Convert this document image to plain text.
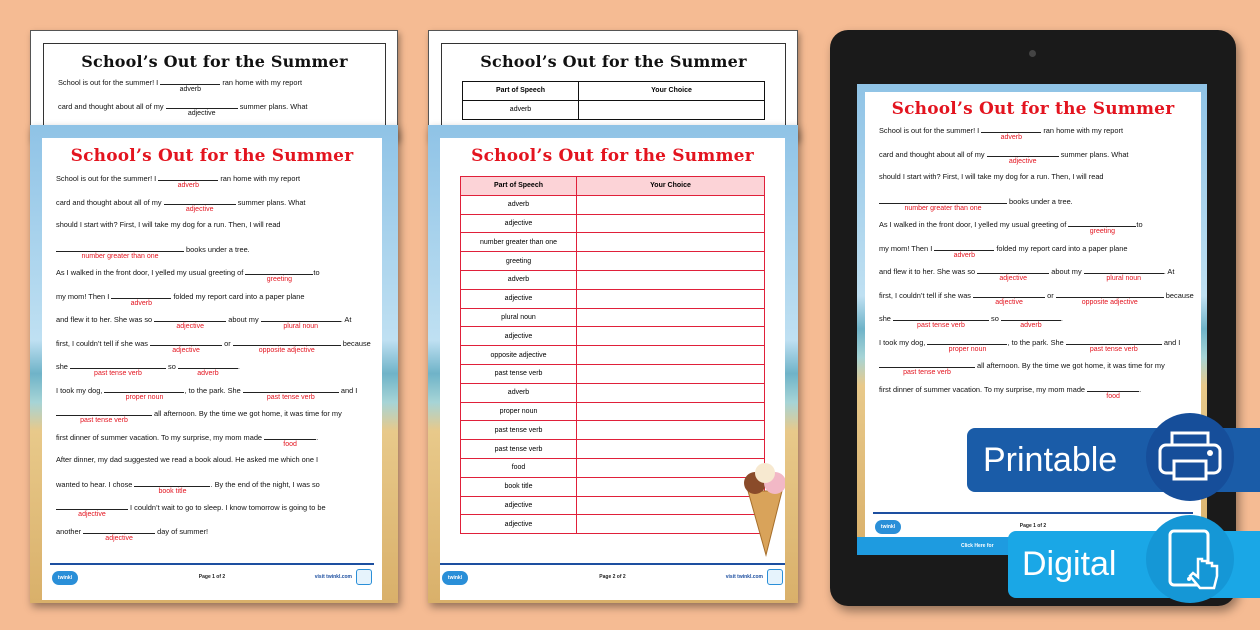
School’s Out for the Summer
School is out for the summer! I
adverb
ran home with my report
card and thought about all of my
adjective
summer plans. What
School’s Out for the Summer
Part of Speech	Your Choice
adverb	
School’s Out for the Summer
School is out for the summer! I
adverb
ran home with my report
card and thought about all of my
adjective
summer plans. What
should I start with? First, I will take my dog for a run. Then, I will read
number greater than one
books under a tree.
As I walked in the front door, I yelled my usual greeting of
greeting
to
my mom! Then I
adverb
folded my report card into a paper plane
and flew it to her. She was so
adjective
about my
plural noun
. At
first, I couldn’t tell if she was
adjective
or
opposite adjective
because
she
past tense verb
so
adverb
.
I took my dog,
proper noun
, to the park. She
past tense verb
and I
past tense verb
all afternoon. By the time we got home, it was time for my
first dinner of summer vacation. To my surprise, my mom made
food
.
After dinner, my dad suggested we read a book aloud. He asked me which one I
wanted to hear. I chose
book title
. By the end of the night, I was so
adjective
I couldn’t wait to go to sleep. I know tomorrow is going to be
another
adjective
day of summer!
twinkl	Page 1 of 2	visit twinkl.com
School’s Out for the Summer
Part of Speech	Your Choice
adverb	
adjective	
number greater than one	
greeting	
adverb	
adjective	
plural noun	
adjective	
opposite adjective	
past tense verb	
adverb	
proper noun	
past tense verb	
past tense verb	
food	
book title	
adjective	
adjective	
twinkl	Page 2 of 2	visit twinkl.com
School’s Out for the Summer
School is out for the summer! I
adverb
ran home with my report
card and thought about all of my
adjective
summer plans. What
should I start with? First, I will take my dog for a run. Then, I will read
number greater than one
books under a tree.
As I walked in the front door, I yelled my usual greeting of
greeting
to
my mom! Then I
adverb
folded my report card into a paper plane
and flew it to her. She was so
adjective
about my
plural noun
. At
first, I couldn’t tell if she was
adjective
or
opposite adjective
because
she
past tense verb
so
adverb
.
I took my dog,
proper noun
, to the park. She
past tense verb
and I
past tense verb
all afternoon. By the time we got home, it was time for my
first dinner of summer vacation. To my surprise, my mom made
food
.
twinkl	Page 1 of 2
Click Here for
Printable
Digital
